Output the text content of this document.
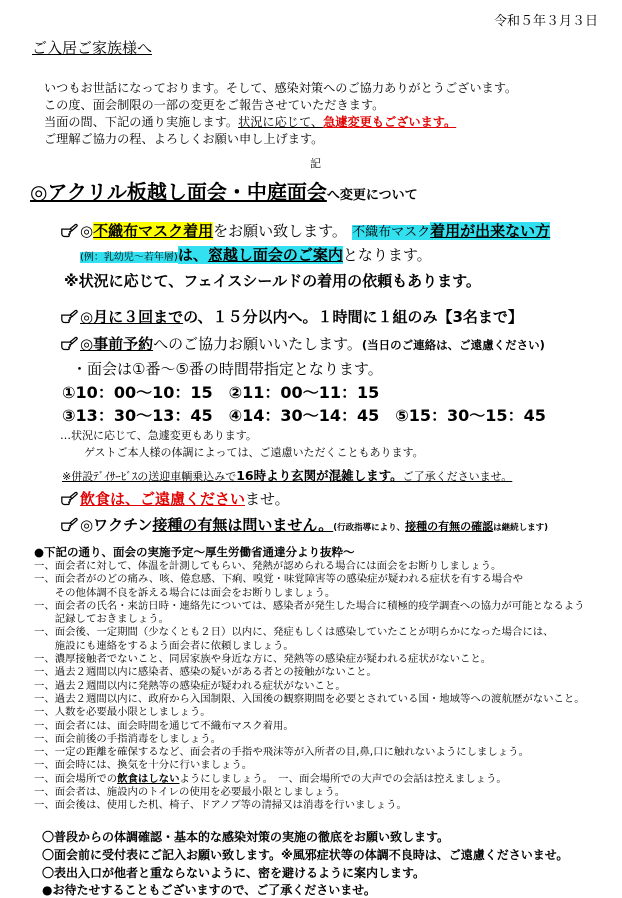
令和５年３月３日
ご入居ご家族様へ
いつもお世話になっております。そして、感染対策へのご協力ありがとうございます。
この度、面会制限の一部の変更をご報告させていただきます。
当面の間、下記の通り実施します。状況に応じて、急遽変更もございます。
ご理解ご協力の程、よろしくお願い申し上げます。
記
◎アクリル板越し面会・中庭面会へ変更について
◎不織布マスク着用をお願い致します。 不織布マスク着用が出来ない方
(例：乳幼児～若年層)は、窓越し面会のご案内となります。
※状況に応じて、フェイスシールドの着用の依頼もあります。
◎月に３回までの、１５分以内へ。１時間に１組のみ【3名まで】
◎事前予約へのご協力お願いいたします。(当日のご連絡は、ご遠慮ください)
・面会は①番～⑤番の時間帯指定となります。
①10：00～10：15　②11：00～11：15
③13：30～13：45　④14：30～14：45　⑤15：30～15：45
…状況に応じて、急遽変更もあります。
ゲストご本人様の体調によっては、ご遠慮いただくこともあります。
※併設ﾃﾞｲｻｰﾋﾞｽの送迎車輌乗込みで16時より玄関が混雑します。ご了承くださいませ。
飲食は、ご遠慮くださいませ。
◎ワクチン接種の有無は問いません。(行政指導により、接種の有無の確認は継続します)
●下記の通り、面会の実施予定～厚生労働省通達分より抜粋～
一、面会者に対して、体温を計測してもらい、発熱が認められる場合には面会をお断りしましょう。
一、面会者がのどの痛み、咳、倦怠感、下痢、嗅覚・味覚障害等の感染症が疑われる症状を有する場合や
　　その他体調不良を訴える場合には面会をお断りしましょう。
一、面会者の氏名・来訪日時・連絡先については、感染者が発生した場合に積極的疫学調査への協力が可能となるよう
　　記録しておきましょう。
一、面会後、一定期間（少なくとも２日）以内に、発症もしくは感染していたことが明らかになった場合には、
　　施設にも連絡をするよう面会者に依頼しましょう。
一、濃厚接触者でないこと、同居家族や身近な方に、発熱等の感染症が疑われる症状がないこと。
一、過去２週間以内に感染者、感染の疑いがある者との接触がないこと。
一、過去２週間以内に発熱等の感染症が疑われる症状がないこと。
一、過去２週間以内に、政府から入国制限、入国後の観察期間を必要とされている国・地域等への渡航歴がないこと。
一、人数を必要最小限としましょう。
一、面会者には、面会時間を通じて不織布マスク着用。
一、面会前後の手指消毒をしましょう。
一、一定の距離を確保するなど、面会者の手指や飛沫等が入所者の目,鼻,口に触れないようにしましょう。
一、面会時には、換気を十分に行いましょう。
一、面会場所での飲食はしないようにしましょう。　一、面会場所での大声での会話は控えましょう。
一、面会者は、施設内のトイレの使用を必要最小限としましょう。
一、面会後は、使用した机、椅子、ドアノブ等の清掃又は消毒を行いましょう。
〇普段からの体調確認・基本的な感染対策の実施の徹底をお願い致します。
〇面会前に受付表にご記入お願い致します。※風邪症状等の体調不良時は、ご遠慮くださいませ。
〇表出入口が他者と重ならないように、密を避けるように案内します。
●お待たせすることもございますので、ご了承くださいませ。
